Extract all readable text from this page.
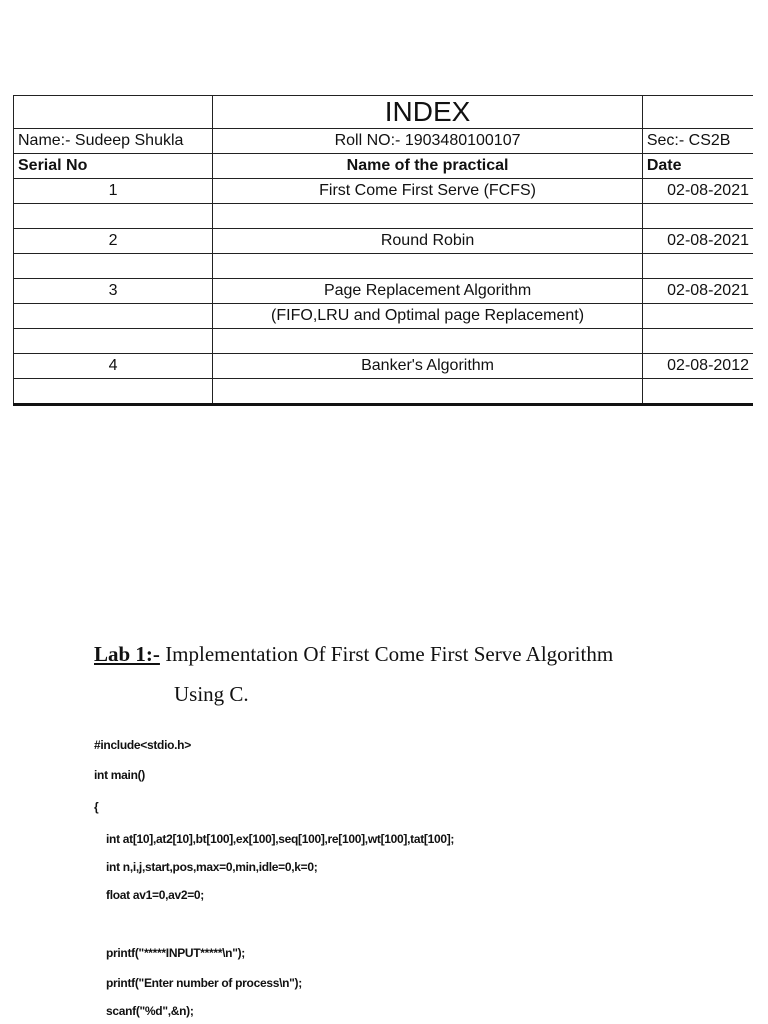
	INDEX	
Name:- Sudeep Shukla	Roll NO:- 1903480100107	Sec:- CS2B
Serial No	Name of the practical	Date
1	First Come First Serve (FCFS)	02-08-2021

2	Round Robin	02-08-2021

3	Page Replacement Algorithm	02-08-2021
	(FIFO,LRU and Optimal page Replacement)	

4	Banker's Algorithm	02-08-2012

Lab 1:- Implementation Of First Come First Serve Algorithm
Using C.

#include<stdio.h>
int main()
{
int at[10],at2[10],bt[100],ex[100],seq[100],re[100],wt[100],tat[100];
int n,i,j,start,pos,max=0,min,idle=0,k=0;
float av1=0,av2=0;
printf("*****INPUT*****\n");
printf("Enter number of process\n");
scanf("%d",&n);
